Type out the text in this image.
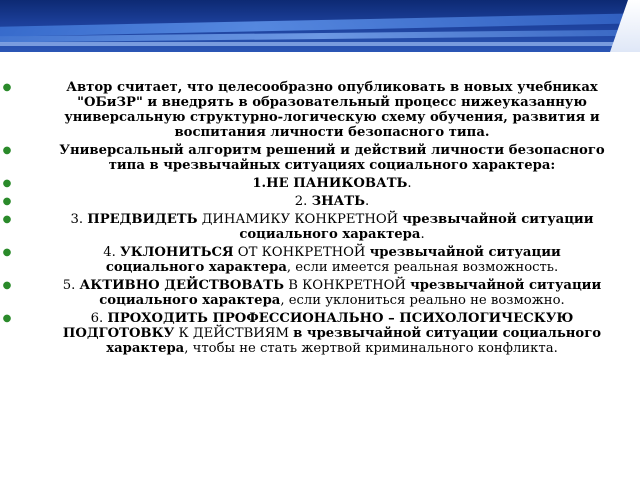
●	Автор считает, что целесообразно опубликовать в новых учебниках "ОБиЗР" и внедрять в образовательный процесс нижеуказанную универсальную структурно-логическую схему обучения, развития и воспитания личности безопасного типа.
●	Универсальный алгоритм решений и действий личности безопасного типа в чрезвычайных ситуациях социального характера:
●	1.НЕ ПАНИКОВАТЬ.
●	2. ЗНАТЬ.
●	3. ПРЕДВИДЕТЬ ДИНАМИКУ КОНКРЕТНОЙ чрезвычайной ситуации социального характера.
●	4. УКЛОНИТЬСЯ ОТ КОНКРЕТНОЙ чрезвычайной ситуации социального характера, если имеется реальная возможность.
●	5. АКТИВНО ДЕЙСТВОВАТЬ В КОНКРЕТНОЙ чрезвычайной ситуации социального характера, если уклониться реально не возможно.
●	6. ПРОХОДИТЬ ПРОФЕССИОНАЛЬНО – ПСИХОЛОГИЧЕСКУЮ ПОДГОТОВКУ К ДЕЙСТВИЯМ в чрезвычайной ситуации социального характера, чтобы не стать жертвой криминального конфликта.
